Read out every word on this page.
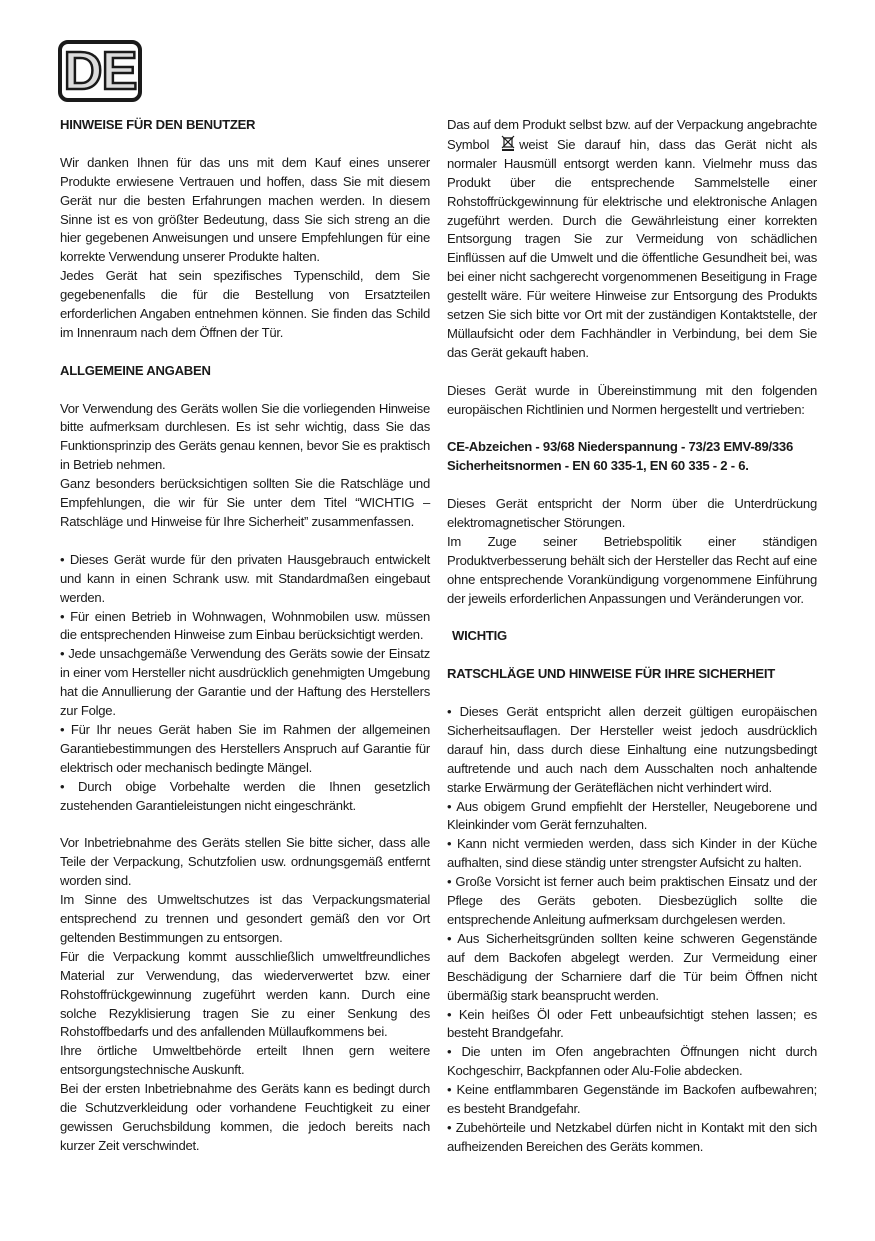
DE

HINWEISE FÜR DEN BENUTZER

Wir danken Ihnen für das uns mit dem Kauf eines unserer Produkte erwiesene Vertrauen und hoffen, dass Sie mit diesem Gerät nur die besten Erfahrungen machen werden. In diesem Sinne ist es von größter Bedeutung, dass Sie sich streng an die hier gegebenen Anweisungen und unsere Empfehlungen für eine korrekte Verwendung unserer Produkte halten.

Jedes Gerät hat sein spezifisches Typenschild, dem Sie gegebenenfalls die für die Bestellung von Ersatzteilen erforderlichen Angaben entnehmen können. Sie finden das Schild im Innenraum nach dem Öffnen der Tür.

ALLGEMEINE ANGABEN

Vor Verwendung des Geräts wollen Sie die vorliegenden Hinweise bitte aufmerksam durchlesen. Es ist sehr wichtig, dass Sie das Funktionsprinzip des Geräts genau kennen, bevor Sie es praktisch in Betrieb nehmen.

Ganz besonders berücksichtigen sollten Sie die Ratschläge und Empfehlungen, die wir für Sie unter dem Titel “WICHTIG – Ratschläge und Hinweise für Ihre Sicherheit” zusammenfassen.

• Dieses Gerät wurde für den privaten Hausgebrauch entwickelt und kann in einen Schrank usw. mit Standardmaßen eingebaut werden.

• Für einen Betrieb in Wohnwagen, Wohnmobilen usw. müssen die entsprechenden Hinweise zum Einbau berücksichtigt werden.

• Jede unsachgemäße Verwendung des Geräts sowie der Einsatz in einer vom Hersteller nicht ausdrücklich genehmigten Umgebung hat die Annullierung der Garantie und der Haftung des Herstellers zur Folge.

• Für Ihr neues Gerät haben Sie im Rahmen der allgemeinen Garantiebestimmungen des Herstellers Anspruch auf Garantie für elektrisch oder mechanisch bedingte Mängel.

• Durch obige Vorbehalte werden die Ihnen gesetzlich zustehenden Garantieleistungen nicht eingeschränkt.

Vor Inbetriebnahme des Geräts stellen Sie bitte sicher, dass alle Teile der Verpackung, Schutzfolien usw. ordnungsgemäß entfernt worden sind.

Im Sinne des Umweltschutzes ist das Verpackungsmaterial entsprechend zu trennen und gesondert gemäß den vor Ort geltenden Bestimmungen zu entsorgen.

Für die Verpackung kommt ausschließlich umweltfreundliches Material zur Verwendung, das wiederverwertet bzw. einer Rohstoffrückgewinnung zugeführt werden kann. Durch eine solche Rezyklisierung tragen Sie zu einer Senkung des Rohstoffbedarfs und des anfallenden Müllaufkommens bei.

Ihre örtliche Umweltbehörde erteilt Ihnen gern weitere entsorgungstechnische Auskunft.

Bei der ersten Inbetriebnahme des Geräts kann es bedingt durch die Schutzverkleidung oder vorhandene Feuchtigkeit zu einer gewissen Geruchsbildung kommen, die jedoch bereits nach kurzer Zeit verschwindet.

Das auf dem Produkt selbst bzw. auf der Verpackung angebrachte Symbol weist Sie darauf hin, dass das Gerät nicht als normaler Hausmüll entsorgt werden kann. Vielmehr muss das Produkt über die entsprechende Sammelstelle einer Rohstoffrückgewinnung für elektrische und elektronische Anlagen zugeführt werden. Durch die Gewährleistung einer korrekten Entsorgung tragen Sie zur Vermeidung von schädlichen Einflüssen auf die Umwelt und die öffentliche Gesundheit bei, was bei einer nicht sachgerecht vorgenommenen Beseitigung in Frage gestellt wäre. Für weitere Hinweise zur Entsorgung des Produkts setzen Sie sich bitte vor Ort mit der zuständigen Kontaktstelle, der Müllaufsicht oder dem Fachhändler in Verbindung, bei dem Sie das Gerät gekauft haben.

Dieses Gerät wurde in Übereinstimmung mit den folgenden europäischen Richtlinien und Normen hergestellt und vertrieben:

CE-Abzeichen - 93/68 Niederspannung - 73/23 EMV-89/336

Sicherheitsnormen - EN 60 335-1, EN 60 335 - 2 - 6.

Dieses Gerät entspricht der Norm über die Unterdrückung elektromagnetischer Störungen.

Im Zuge seiner Betriebspolitik einer ständigen Produktverbesserung behält sich der Hersteller das Recht auf eine ohne entsprechende Vorankündigung vorgenommene Einführung der jeweils erforderlichen Anpassungen und Veränderungen vor.

WICHTIG

RATSCHLÄGE UND HINWEISE FÜR IHRE SICHERHEIT

• Dieses Gerät entspricht allen derzeit gültigen europäischen Sicherheitsauflagen. Der Hersteller weist jedoch ausdrücklich darauf hin, dass durch diese Einhaltung eine nutzungsbedingt auftretende und auch nach dem Ausschalten noch anhaltende starke Erwärmung der Geräteflächen nicht verhindert wird.

• Aus obigem Grund empfiehlt der Hersteller, Neugeborene und Kleinkinder vom Gerät fernzuhalten.

• Kann nicht vermieden werden, dass sich Kinder in der Küche aufhalten, sind diese ständig unter strengster Aufsicht zu halten.

• Große Vorsicht ist ferner auch beim praktischen Einsatz und der Pflege des Geräts geboten. Diesbezüglich sollte die entsprechende Anleitung aufmerksam durchgelesen werden.

• Aus Sicherheitsgründen sollten keine schweren Gegenstände auf dem Backofen abgelegt werden. Zur Vermeidung einer Beschädigung der Scharniere darf die Tür beim Öffnen nicht übermäßig stark beansprucht werden.

• Kein heißes Öl oder Fett unbeaufsichtigt stehen lassen; es besteht Brandgefahr.

• Die unten im Ofen angebrachten Öffnungen nicht durch Kochgeschirr, Backpfannen oder Alu-Folie abdecken.

• Keine entflammbaren Gegenstände im Backofen aufbewahren; es besteht Brandgefahr.

• Zubehörteile und Netzkabel dürfen nicht in Kontakt mit den sich aufheizenden Bereichen des Geräts kommen.
